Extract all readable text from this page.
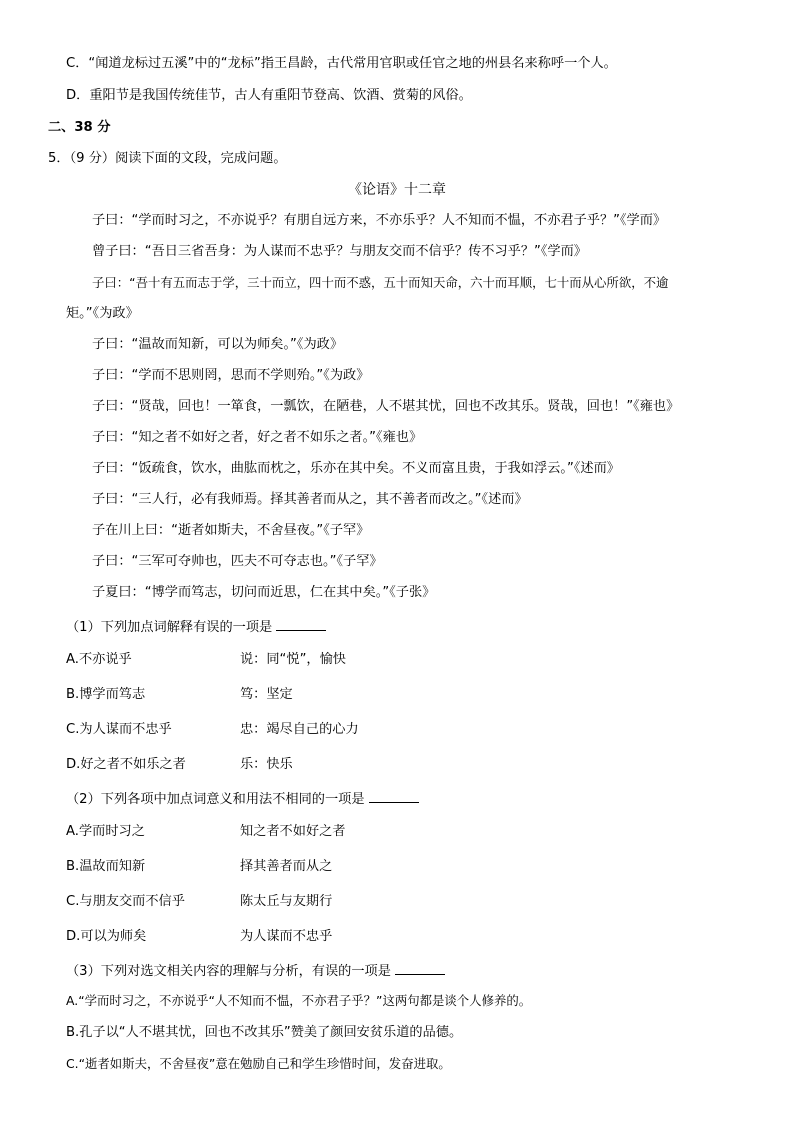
C．“闻道龙标过五溪”中的“龙标”指王昌龄，古代常用官职或任官之地的州县名来称呼一个人。
D．重阳节是我国传统佳节，古人有重阳节登高、饮酒、赏菊的风俗。
二、38 分
5．（9 分）阅读下面的文段，完成问题。
《论语》十二章
子曰：“学而时习之，不亦说乎？有朋自远方来，不亦乐乎？人不知而不愠，不亦君子乎？”《学而》
曾子曰：“吾日三省吾身：为人谋而不忠乎？与朋友交而不信乎？传不习乎？”《学而》
子曰：“吾十有五而志于学，三十而立，四十而不惑，五十而知天命，六十而耳顺，七十而从心所欲，不逾
矩。”《为政》
子曰：“温故而知新，可以为师矣。”《为政》
子曰：“学而不思则罔，思而不学则殆。”《为政》
子曰：“贤哉，回也！一箪食，一瓢饮，在陋巷，人不堪其忧，回也不改其乐。贤哉，回也！”《雍也》
子曰：“知之者不如好之者，好之者不如乐之者。”《雍也》
子曰：“饭疏食，饮水，曲肱而枕之，乐亦在其中矣。不义而富且贵，于我如浮云。”《述而》
子曰：“三人行，必有我师焉。择其善者而从之，其不善者而改之。”《述而》
子在川上曰：“逝者如斯夫，不舍昼夜。”《子罕》
子曰：“三军可夺帅也，匹夫不可夺志也。”《子罕》
子夏曰：“博学而笃志，切问而近思，仁在其中矣。”《子张》
（1）下列加点词解释有误的一项是
A.不亦说乎	说：同“悦”，愉快
B.博学而笃志	笃：坚定
C.为人谋而不忠乎	忠：竭尽自己的心力
D.好之者不如乐之者	乐：快乐
（2）下列各项中加点词意义和用法不相同的一项是
A.学而时习之	知之者不如好之者
B.温故而知新	择其善者而从之
C.与朋友交而不信乎	陈太丘与友期行
D.可以为师矣	为人谋而不忠乎
（3）下列对选文相关内容的理解与分析，有误的一项是
A.“学而时习之，不亦说乎“人不知而不愠，不亦君子乎？”这两句都是谈个人修养的。
B.孔子以“人不堪其忧，回也不改其乐”赞美了颜回安贫乐道的品德。
C.“逝者如斯夫，不舍昼夜”意在勉励自己和学生珍惜时间，发奋进取。
